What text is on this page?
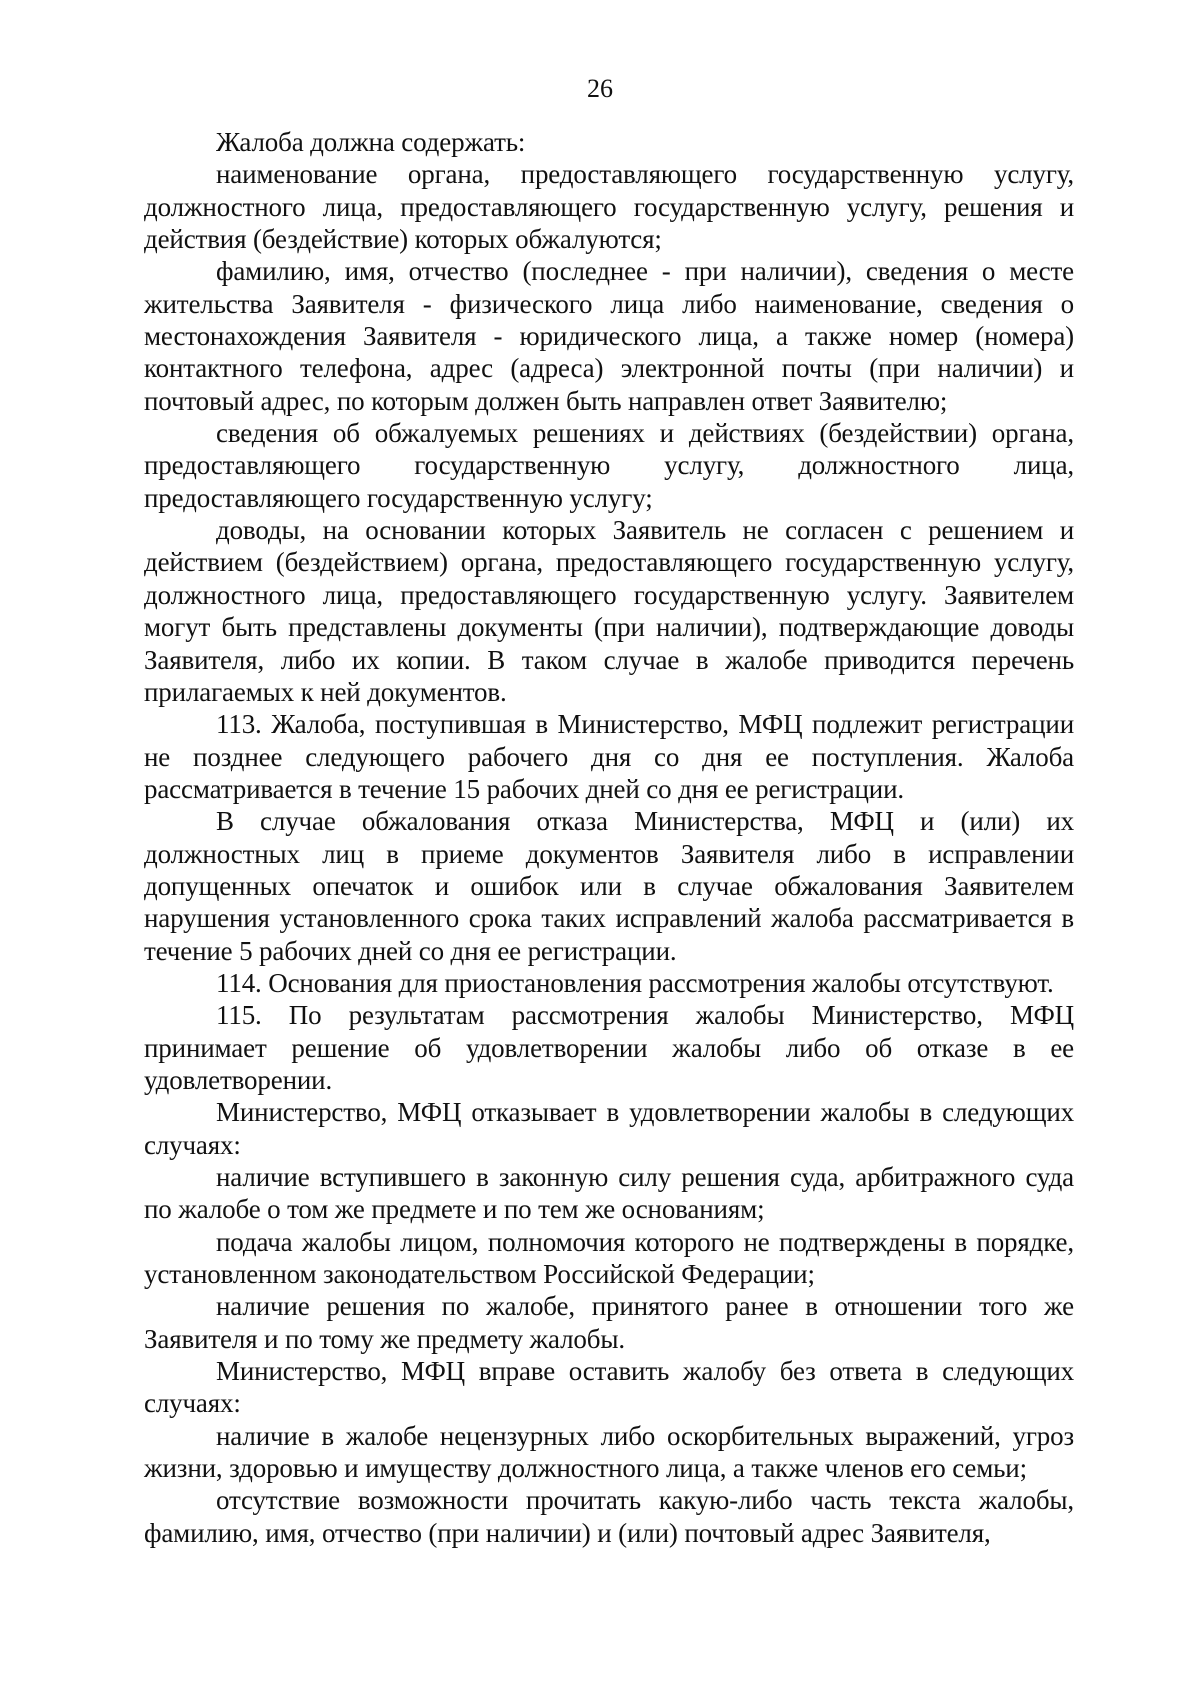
26

Жалоба должна содержать:

наименование органа, предоставляющего государственную услугу, должностного лица, предоставляющего государственную услугу, решения и действия (бездействие) которых обжалуются;

фамилию, имя, отчество (последнее - при наличии), сведения о месте жительства Заявителя - физического лица либо наименование, сведения о местонахождения Заявителя - юридического лица, а также номер (номера) контактного телефона, адрес (адреса) электронной почты (при наличии) и почтовый адрес, по которым должен быть направлен ответ Заявителю;

сведения об обжалуемых решениях и действиях (бездействии) органа, предоставляющего государственную услугу, должностного лица, предоставляющего государственную услугу;

доводы, на основании которых Заявитель не согласен с решением и действием (бездействием) органа, предоставляющего государственную услугу, должностного лица, предоставляющего государственную услугу. Заявителем могут быть представлены документы (при наличии), подтверждающие доводы Заявителя, либо их копии. В таком случае в жалобе приводится перечень прилагаемых к ней документов.

113. Жалоба, поступившая в Министерство, МФЦ подлежит регистрации не позднее следующего рабочего дня со дня ее поступления. Жалоба рассматривается в течение 15 рабочих дней со дня ее регистрации.

В случае обжалования отказа Министерства, МФЦ и (или) их должностных лиц в приеме документов Заявителя либо в исправлении допущенных опечаток и ошибок или в случае обжалования Заявителем нарушения установленного срока таких исправлений жалоба рассматривается в течение 5 рабочих дней со дня ее регистрации.

114. Основания для приостановления рассмотрения жалобы отсутствуют.

115. По результатам рассмотрения жалобы Министерство, МФЦ принимает решение об удовлетворении жалобы либо об отказе в ее удовлетворении.

Министерство, МФЦ отказывает в удовлетворении жалобы в следующих случаях:

наличие вступившего в законную силу решения суда, арбитражного суда по жалобе о том же предмете и по тем же основаниям;

подача жалобы лицом, полномочия которого не подтверждены в порядке, установленном законодательством Российской Федерации;

наличие решения по жалобе, принятого ранее в отношении того же Заявителя и по тому же предмету жалобы.

Министерство, МФЦ вправе оставить жалобу без ответа в следующих случаях:

наличие в жалобе нецензурных либо оскорбительных выражений, угроз жизни, здоровью и имуществу должностного лица, а также членов его семьи;

отсутствие возможности прочитать какую-либо часть текста жалобы, фамилию, имя, отчество (при наличии) и (или) почтовый адрес Заявителя,
